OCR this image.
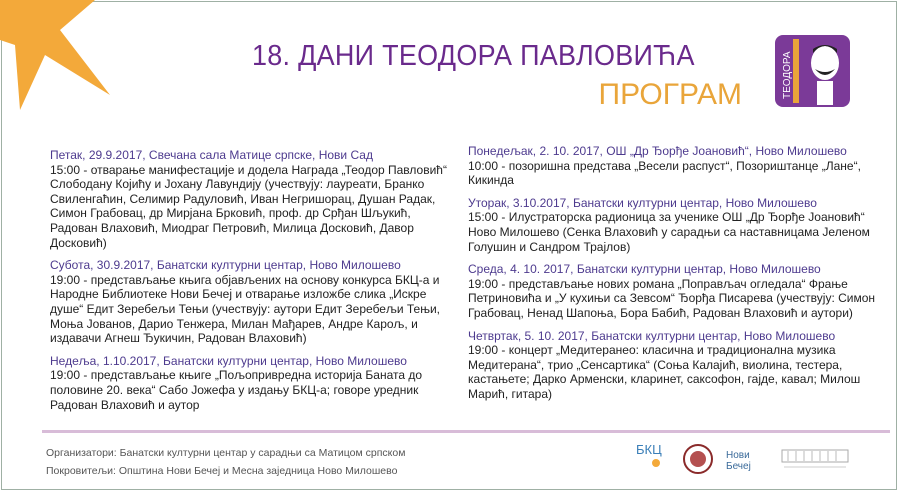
18. ДАНИ ТЕОДОРА ПАВЛОВИЋА
ПРОГРАМ	ТЕОДОРА
Петак, 29.9.2017, Свечана сала Матице српске, Нови Сад
15:00 - отварање манифестације и додела Награда „Теодор Павловић“ Слободану Којићу и Јохану Лавундију (учествују: лауреати, Бранко Свиленгаћин, Селимир Радуловић, Иван Негришорац, Душан Радак, Симон Грабовац, др Мирјана Брковић, проф. др Срђан Шљукић, Радован Влаховић, Миодраг Петровић, Милица Досковић, Давор Досковић)
Субота, 30.9.2017, Банатски културни центар, Ново Милошево
19:00 - представљање књига објављених на основу конкурса БКЦ-а и Народне Библиотеке Нови Бечеј и отварање изложбе слика „Искре душе“ Едит Зеребељи Тењи (учествују: аутори Едит Зеребељи Тењи, Моња Јованов, Дарио Тенжера, Милан Мађарев, Андре Карољ, и издавачи Агнеш Ђукичин, Радован Влаховић)
Недеља, 1.10.2017, Банатски културни центар, Ново Милошево
19:00 - представљање књиге „Пољопривредна историја Баната до половине 20. века“ Сабо Јожефа у издању БКЦ-а; говоре уредник Радован Влаховић и аутор
Понедељак, 2. 10. 2017, ОШ „Др Ђорђе Јоановић“, Ново Милошево
10:00 - позоришна представа „Весели распуст“, Позориштанце „Лане“, Кикинда
Уторак, 3.10.2017, Банатски културни центар, Ново Милошево
15:00 - Илустраторска радионица за ученике ОШ „Др Ђорђе Јоановић“ Ново Милошево (Сенка Влаховић у сарадњи са наставницама Јеленом Голушин и Сандром Трајлов)
Среда, 4. 10. 2017, Банатски културни центар, Ново Милошево
19:00 - представљање нових романа „Поправљач огледала“ Фрање Петриновића и „У кухињи са Зевсом“ Ђорђа Писарева (учествују: Симон Грабовац, Ненад Шапоња, Бора Бабић, Радован Влаховић и аутори)
Четвртак, 5. 10. 2017, Банатски културни центар, Ново Милошево
19:00 - концерт „Медитеранео: класична и традиционална музика Медитерана“, трио „Сенсартика“ (Соња Калајић, виолина, тестера, кастањете; Дарко Арменски, кларинет, саксофон, гајде, кавал; Милош Марић, гитара)
Организатори: Банатски културни центар у сарадњи са Матицом српском
Покровитељи: Општина Нови Бечеј и Месна заједница Ново Милошево
БКЦ	Нови Бечеј
